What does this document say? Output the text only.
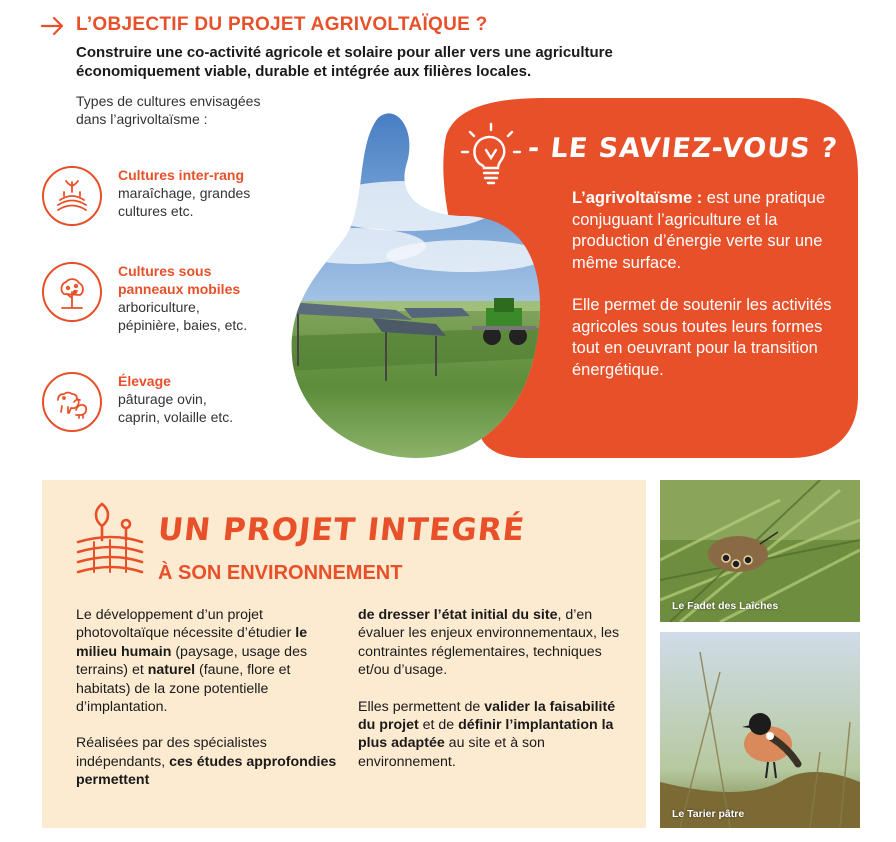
L’OBJECTIF DU PROJET AGRIVOLTAÏQUE ?
Construire une co-activité agricole et solaire pour aller vers une agriculture
économiquement viable, durable et intégrée aux filières locales.
Types de cultures envisagées
dans l’agrivoltaïsme :
Cultures inter-rang
maraîchage, grandes
cultures etc.
Cultures sous
panneaux mobiles
arboriculture,
pépinière, baies, etc.
Élevage
pâturage ovin,
caprin, volaille etc.
- LE SAVIEZ-VOUS ?

L’agrivoltaïsme : est une pratique conjuguant l’agriculture et la production d’énergie verte sur une même surface.

Elle permet de soutenir les activités agricoles sous toutes leurs formes tout en oeuvrant pour la transition énergétique.

UN PROJET INTEGRÉ
À SON ENVIRONNEMENT

Le développement d’un projet photovoltaïque nécessite d’étudier le milieu humain (paysage, usage des terrains) et naturel (faune, flore et habitats) de la zone potentielle d’implantation.

Réalisées par des spécialistes indépendants, ces études approfondies permettent

de dresser l’état initial du site, d’en évaluer les enjeux environnementaux, les contraintes réglementaires, techniques et/ou d’usage.

Elles permettent de valider la faisabilité du projet et de définir l’implantation la plus adaptée au site et à son environnement.

Le Fadet des Laîches
Le Tarier pâtre
